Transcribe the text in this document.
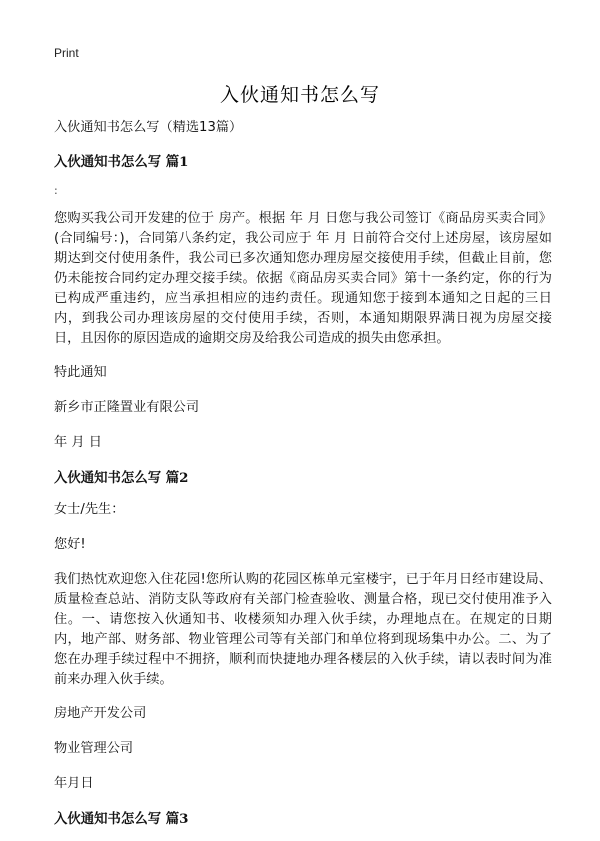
Print
入伙通知书怎么写

入伙通知书怎么写（精选13篇）

入伙通知书怎么写 篇1

:

您购买我公司开发建的位于 房产。根据 年 月 日您与我公司签订《商品房买卖合同》(合同编号：)，合同第八条约定，我公司应于 年 月 日前符合交付上述房屋，该房屋如期达到交付使用条件，我公司已多次通知您办理房屋交接使用手续，但截止目前，您仍未能按合同约定办理交接手续。依据《商品房买卖合同》第十一条约定，你的行为已构成严重违约，应当承担相应的违约责任。现通知您于接到本通知之日起的三日内，到我公司办理该房屋的交付使用手续，否则，本通知期限界满日视为房屋交接日，且因你的原因造成的逾期交房及给我公司造成的损失由您承担。

特此通知

新乡市正隆置业有限公司

年 月 日

入伙通知书怎么写 篇2

女士/先生：

您好!

我们热忱欢迎您入住花园!您所认购的花园区栋单元室楼宇，已于年月日经市建设局、质量检查总站、消防支队等政府有关部门检查验收、测量合格，现已交付使用准予入住。一、请您按入伙通知书、收楼须知办理入伙手续，办理地点在。在规定的日期内，地产部、财务部、物业管理公司等有关部门和单位将到现场集中办公。二、为了您在办理手续过程中不拥挤，顺利而快捷地办理各楼层的入伙手续，请以表时间为准前来办理入伙手续。

房地产开发公司

物业管理公司

年月日

入伙通知书怎么写 篇3
